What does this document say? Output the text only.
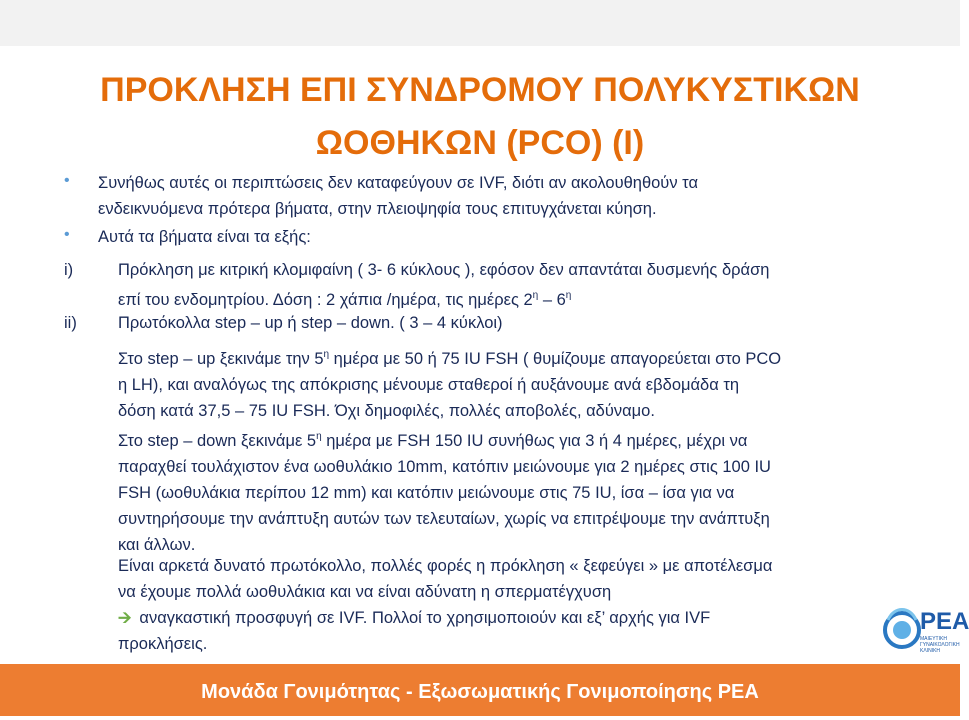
ΠΡΟΚΛΗΣΗ ΕΠΙ ΣΥΝΔΡΟΜΟΥ ΠΟΛΥΚΥΣΤΙΚΩΝ
ΩΟΘΗΚΩΝ (PCO) (I)
• Συνήθως αυτές οι περιπτώσεις δεν καταφεύγουν σε IVF, διότι αν ακολουθηθούν τα
ενδεικνυόμενα πρότερα βήματα, στην πλειοψηφία τους επιτυγχάνεται κύηση.

• Αυτά τα βήματα είναι τα εξής:

i)	Πρόκληση με κιτρική κλομιφαίνη ( 3- 6 κύκλους ), εφόσον δεν απαντάται δυσμενής δράση
επί του ενδομητρίου. Δόση : 2 χάπια /ημέρα, τις ημέρες $2^\eta - 6^\eta$

ii) Πρωτόκολλα step – up ή step – down. ( 3 – 4 κύκλοι)

Στο step – up ξεκινάμε την $5^\eta$ ημέρα με 50 ή 75 IU FSH ( θυμίζουμε απαγορεύεται στο PCO
η LH), και αναλόγως της απόκρισης μένουμε σταθεροί ή αυξάνουμε ανά εβδομάδα τη
δόση κατά 37,5 – 75 IU FSH. Όχι δημοφιλές, πολλές αποβολές, αδύναμο.

Στο step – down ξεκινάμε $5^\eta$ ημέρα με FSH 150 IU συνήθως για 3 ή 4 ημέρες, μέχρι να
παραχθεί τουλάχιστον ένα ωοθυλάκιο 10mm, κατόπιν μειώνουμε για 2 ημέρες στις 100 IU
FSH (ωοθυλάκια περίπου 12 mm) και κατόπιν μειώνουμε στις 75 IU, ίσα – ίσα για να
συντηρήσουμε την ανάπτυξη αυτών των τελευταίων, χωρίς να επιτρέψουμε την ανάπτυξη
και άλλων.

Είναι αρκετά δυνατό πρωτόκολλο, πολλές φορές η πρόκληση « ξεφεύγει » με αποτέλεσμα
να έχουμε πολλά ωοθυλάκια και να είναι αδύνατη η σπερματέγχυση
🡪 αναγκαστική προσφυγή σε IVF. Πολλοί το χρησιμοποιούν και εξ’ αρχής για IVF
προκλήσεις.

ΡΕΑ
ΜΑΙΕΥΤΙΚΗ
ΓΥΝΑΙΚΟΛΟΓΙΚΗ
ΚΛΙΝΙΚΗ
Μονάδα Γονιμότητας - Εξωσωματικής Γονιμοποίησης ΡΕΑ
